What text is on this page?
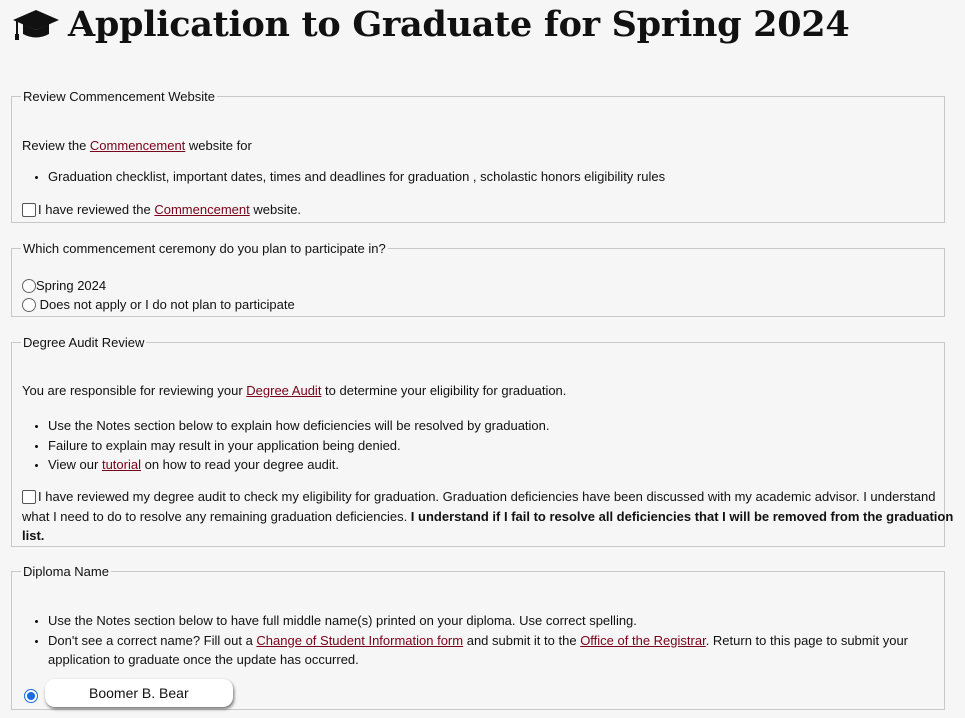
Application to Graduate for Spring 2024
Review Commencement Website
Review the Commencement website for
• Graduation checklist, important dates, times and deadlines for graduation , scholastic honors eligibility rules
I have reviewed the Commencement website.
Which commencement ceremony do you plan to participate in?
Spring 2024
Does not apply or I do not plan to participate
Degree Audit Review
You are responsible for reviewing your Degree Audit to determine your eligibility for graduation.
• Use the Notes section below to explain how deficiencies will be resolved by graduation.
• Failure to explain may result in your application being denied.
• View our tutorial on how to read your degree audit.
I have reviewed my degree audit to check my eligibility for graduation. Graduation deficiencies have been discussed with my academic advisor. I understand
what I need to do to resolve any remaining graduation deficiencies. I understand if I fail to resolve all deficiencies that I will be removed from the graduation
list.
Diploma Name
• Use the Notes section below to have full middle name(s) printed on your diploma. Use correct spelling.
• Don't see a correct name? Fill out a Change of Student Information form and submit it to the Office of the Registrar. Return to this page to submit your
application to graduate once the update has occurred.
Boomer B. Bear
